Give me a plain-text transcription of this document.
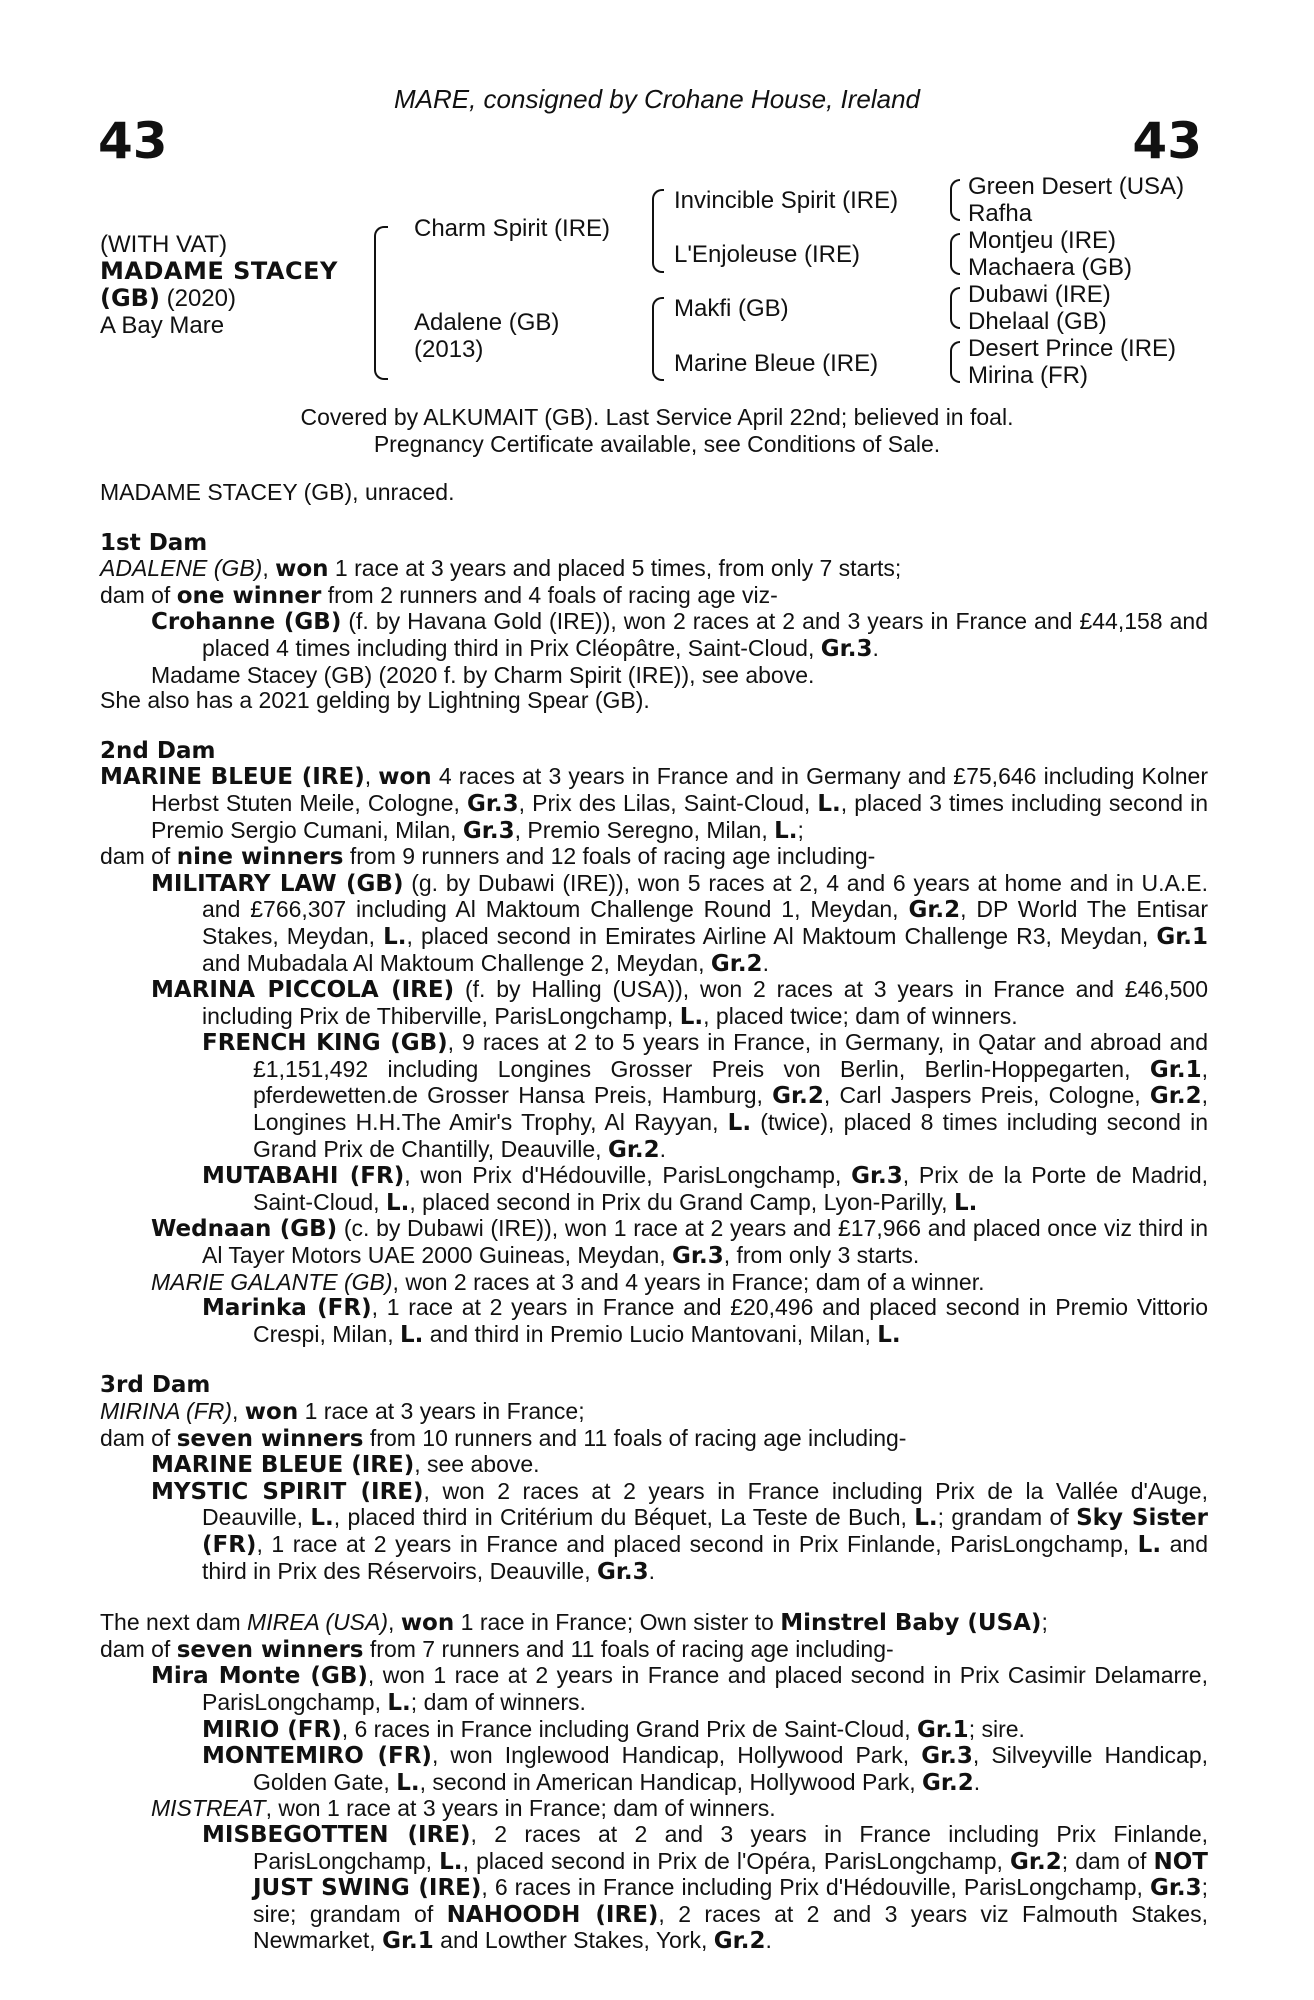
43	43
MARE, consigned by Crohane House, Ireland
(WITH VAT)
MADAME STACEY
(GB) (2020)
A Bay Mare
Charm Spirit (IRE)
Adalene (GB)
(2013)
Invincible Spirit (IRE)
L'Enjoleuse (IRE)
Makfi (GB)
Marine Bleue (IRE)
Green Desert (USA)
Rafha
Montjeu (IRE)
Machaera (GB)
Dubawi (IRE)
Dhelaal (GB)
Desert Prince (IRE)
Mirina (FR)
Covered by ALKUMAIT (GB). Last Service April 22nd; believed in foal.
Pregnancy Certificate available, see Conditions of Sale.

MADAME STACEY (GB), unraced.

1st Dam

ADALENE (GB), won 1 race at 3 years and placed 5 times, from only 7 starts;

dam of one winner from 2 runners and 4 foals of racing age viz-

Crohanne (GB) (f. by Havana Gold (IRE)), won 2 races at 2 and 3 years in France and £44,158 and placed 4 times including third in Prix Cléopâtre, Saint-Cloud, Gr.3.

Madame Stacey (GB) (2020 f. by Charm Spirit (IRE)), see above.

She also has a 2021 gelding by Lightning Spear (GB).

2nd Dam

MARINE BLEUE (IRE), won 4 races at 3 years in France and in Germany and £75,646 including Kolner Herbst Stuten Meile, Cologne, Gr.3, Prix des Lilas, Saint-Cloud, L., placed 3 times including second in Premio Sergio Cumani, Milan, Gr.3, Premio Seregno, Milan, L.;

dam of nine winners from 9 runners and 12 foals of racing age including-

MILITARY LAW (GB) (g. by Dubawi (IRE)), won 5 races at 2, 4 and 6 years at home and in U.A.E. and £766,307 including Al Maktoum Challenge Round 1, Meydan, Gr.2, DP World The Entisar Stakes, Meydan, L., placed second in Emirates Airline Al Maktoum Challenge R3, Meydan, Gr.1 and Mubadala Al Maktoum Challenge 2, Meydan, Gr.2.

MARINA PICCOLA (IRE) (f. by Halling (USA)), won 2 races at 3 years in France and £46,500 including Prix de Thiberville, ParisLongchamp, L., placed twice; dam of winners.

FRENCH KING (GB), 9 races at 2 to 5 years in France, in Germany, in Qatar and abroad and £1,151,492 including Longines Grosser Preis von Berlin, Berlin-Hoppegarten, Gr.1, pferdewetten.de Grosser Hansa Preis, Hamburg, Gr.2, Carl Jaspers Preis, Cologne, Gr.2, Longines H.H.The Amir's Trophy, Al Rayyan, L. (twice), placed 8 times including second in Grand Prix de Chantilly, Deauville, Gr.2.

MUTABAHI (FR), won Prix d'Hédouville, ParisLongchamp, Gr.3, Prix de la Porte de Madrid, Saint-Cloud, L., placed second in Prix du Grand Camp, Lyon-Parilly, L.

Wednaan (GB) (c. by Dubawi (IRE)), won 1 race at 2 years and £17,966 and placed once viz third in Al Tayer Motors UAE 2000 Guineas, Meydan, Gr.3, from only 3 starts.

MARIE GALANTE (GB), won 2 races at 3 and 4 years in France; dam of a winner.

Marinka (FR), 1 race at 2 years in France and £20,496 and placed second in Premio Vittorio Crespi, Milan, L. and third in Premio Lucio Mantovani, Milan, L.

3rd Dam

MIRINA (FR), won 1 race at 3 years in France;

dam of seven winners from 10 runners and 11 foals of racing age including-

MARINE BLEUE (IRE), see above.

MYSTIC SPIRIT (IRE), won 2 races at 2 years in France including Prix de la Vallée d'Auge, Deauville, L., placed third in Critérium du Béquet, La Teste de Buch, L.; grandam of Sky Sister (FR), 1 race at 2 years in France and placed second in Prix Finlande, ParisLongchamp, L. and third in Prix des Réservoirs, Deauville, Gr.3.

The next dam MIREA (USA), won 1 race in France; Own sister to Minstrel Baby (USA);

dam of seven winners from 7 runners and 11 foals of racing age including-

Mira Monte (GB), won 1 race at 2 years in France and placed second in Prix Casimir Delamarre, ParisLongchamp, L.; dam of winners.

MIRIO (FR), 6 races in France including Grand Prix de Saint-Cloud, Gr.1; sire.

MONTEMIRO (FR), won Inglewood Handicap, Hollywood Park, Gr.3, Silveyville Handicap, Golden Gate, L., second in American Handicap, Hollywood Park, Gr.2.

MISTREAT, won 1 race at 3 years in France; dam of winners.

MISBEGOTTEN (IRE), 2 races at 2 and 3 years in France including Prix Finlande, ParisLongchamp, L., placed second in Prix de l'Opéra, ParisLongchamp, Gr.2; dam of NOT JUST SWING (IRE), 6 races in France including Prix d'Hédouville, ParisLongchamp, Gr.3; sire; grandam of NAHOODH (IRE), 2 races at 2 and 3 years viz Falmouth Stakes, Newmarket, Gr.1 and Lowther Stakes, York, Gr.2.
